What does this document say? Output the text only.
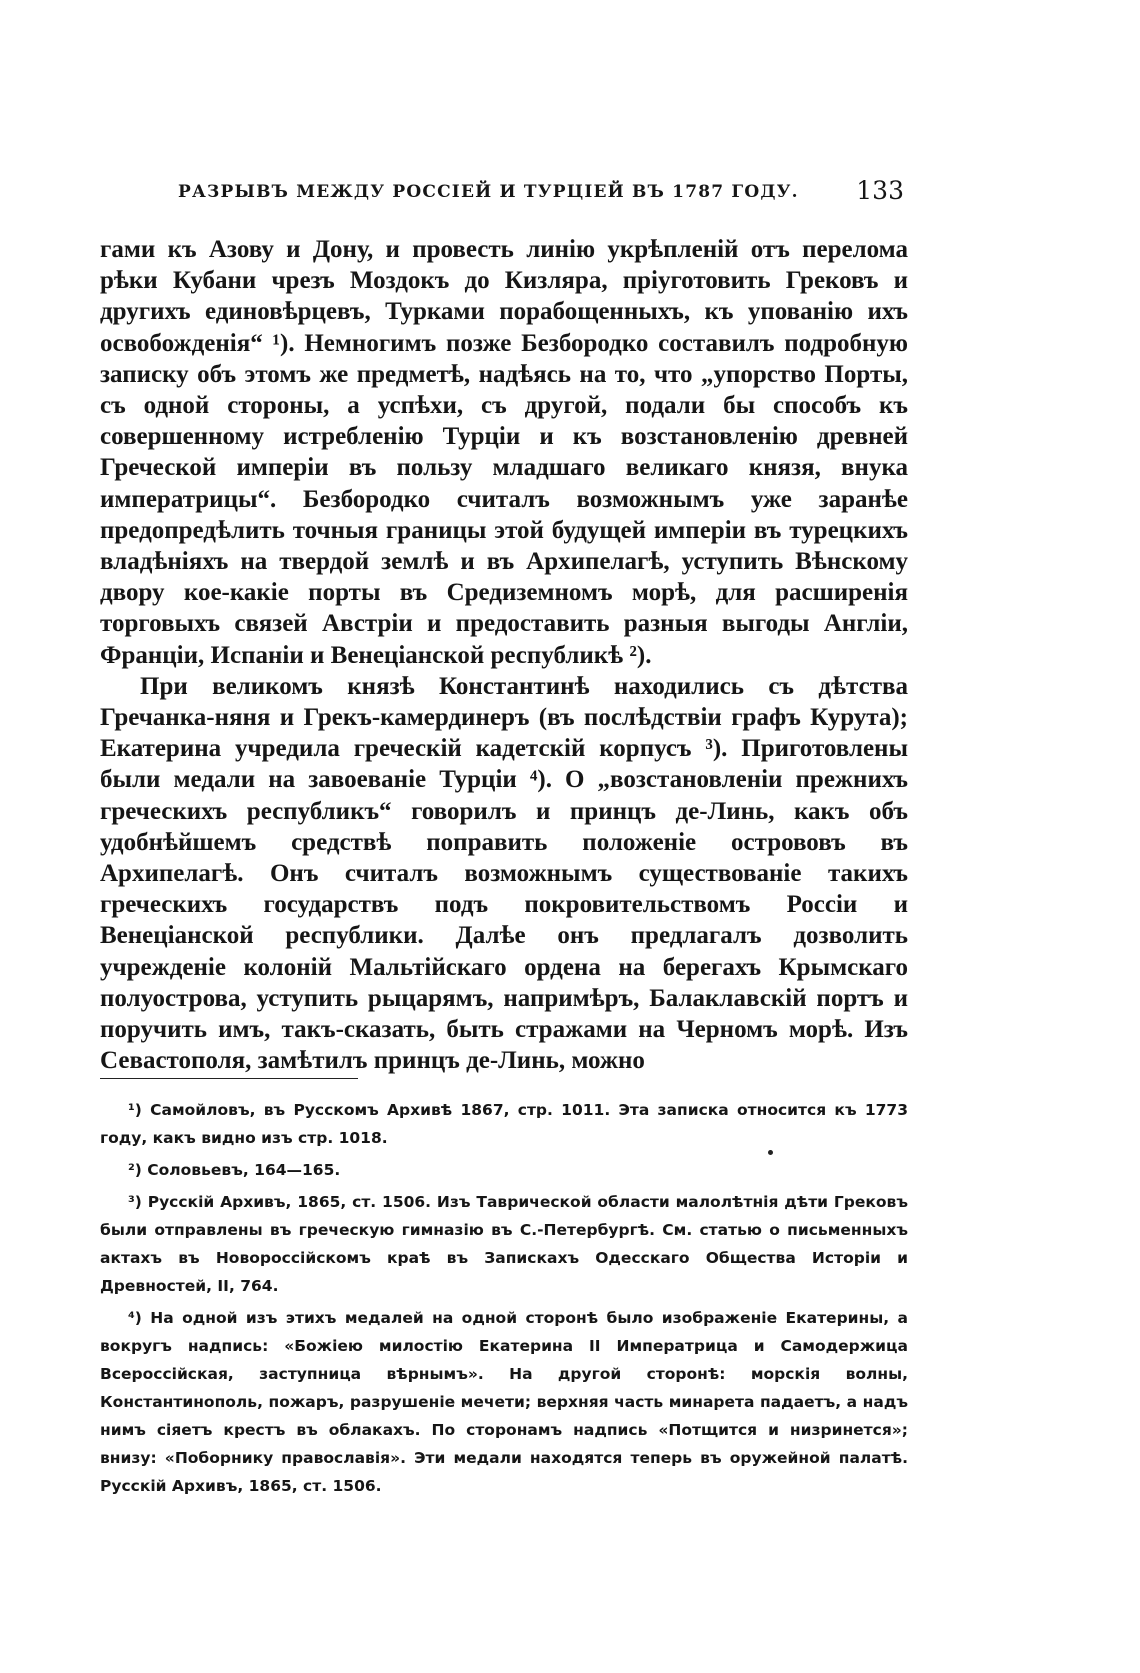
РАЗРЫВЪ МЕЖДУ РОССІЕЙ И ТУРЦІЕЙ ВЪ 1787 ГОДУ. 133

гами къ Азову и Дону, и провесть линію укрѣпленій отъ перелома рѣки Кубани чрезъ Моздокъ до Кизляра, пріуготовить Грековъ и другихъ единовѣрцевъ, Турками порабощенныхъ, къ упованію ихъ освобожденія“ ¹). Немногимъ позже Безбородко составилъ подробную записку объ этомъ же предметѣ, надѣясь на то, что „упорство Порты, съ одной стороны, а успѣхи, съ другой, подали бы способъ къ совершенному истребленію Турціи и къ возстановленію древней Греческой имперіи въ пользу младшаго великаго князя, внука императрицы“. Безбородко считалъ возможнымъ уже заранѣе предопредѣлить точныя границы этой будущей имперіи въ турецкихъ владѣніяхъ на твердой землѣ и въ Архипелагѣ, уступить Вѣнскому двору кое-какіе порты въ Средиземномъ морѣ, для расширенія торговыхъ связей Австріи и предоставить разныя выгоды Англіи, Франціи, Испаніи и Венеціанской республикѣ ²).

При великомъ князѣ Константинѣ находились съ дѣтства Гречанка-няня и Грекъ-камердинеръ (въ послѣдствіи графъ Курута); Екатерина учредила греческій кадетскій корпусъ ³). Приготовлены были медали на завоеваніе Турціи ⁴). О „возстановленіи прежнихъ греческихъ республикъ“ говорилъ и принцъ де-Линь, какъ объ удобнѣйшемъ средствѣ поправить положеніе острововъ въ Архипелагѣ. Онъ считалъ возможнымъ существованіе такихъ греческихъ государствъ подъ покровительствомъ Россіи и Венеціанской республики. Далѣе онъ предлагалъ дозволить учрежденіе колоній Мальтійскаго ордена на берегахъ Крымскаго полуострова, уступить рыцарямъ, напримѣръ, Балаклавскій портъ и поручить имъ, такъ-сказать, быть стражами на Черномъ морѣ. Изъ Севастополя, замѣтилъ принцъ де-Линь, можно

¹) Самойловъ, въ Русскомъ Архивѣ 1867, стр. 1011. Эта записка относится къ 1773 году, какъ видно изъ стр. 1018.

²) Соловьевъ, 164—165.

³) Русскій Архивъ, 1865, ст. 1506. Изъ Таврической области малолѣтнія дѣти Грековъ были отправлены въ греческую гимназію въ С.-Петербургѣ. См. статью о письменныхъ актахъ въ Новороссійскомъ краѣ въ Запискахъ Одесскаго Общества Исторіи и Древностей, II, 764.

⁴) На одной изъ этихъ медалей на одной сторонѣ было изображеніе Екатерины, а вокругъ надпись: «Божіею милостію Екатерина II Императрица и Самодержица Всероссійская, заступница вѣрнымъ». На другой сторонѣ: морскія волны, Константинополь, пожаръ, разрушеніе мечети; верхняя часть минарета падаетъ, а надъ нимъ сіяетъ крестъ въ облакахъ. По сторонамъ надпись «Потщится и низринется»; внизу: «Поборнику православія». Эти медали находятся теперь въ оружейной палатѣ. Русскій Архивъ, 1865, ст. 1506.
